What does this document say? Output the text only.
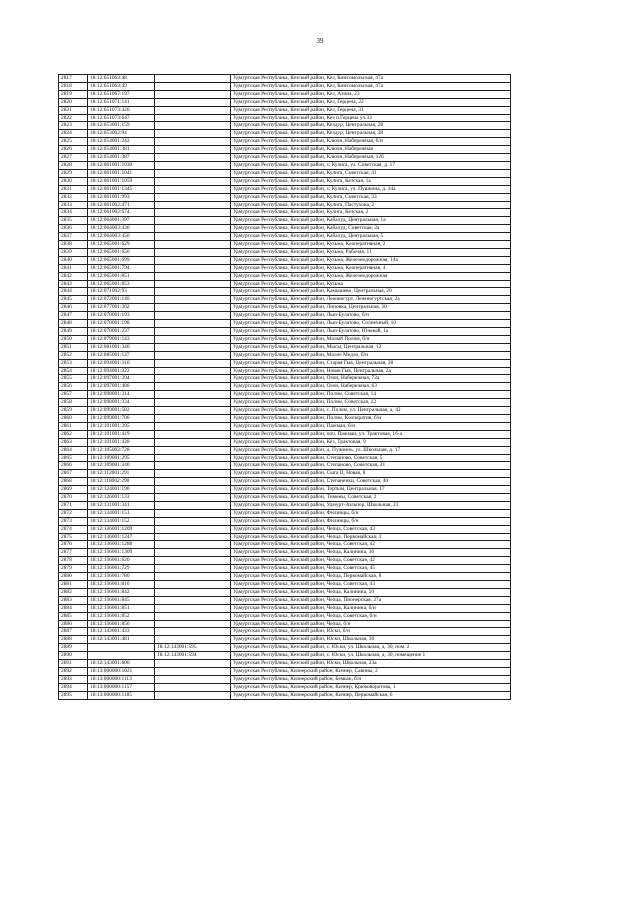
39
2817	18:12:051063:48		Удмуртская Республика, Кезский район, Кез, Комсомольская, 47а
2818	18:12:051063:49		Удмуртская Республика, Кезский район, Кез, Комсомольская, 47а
2819	18:12:051067:197		Удмуртская Республика, Кезский район, Кез, Азина, 23
2820	18:12:051071:141		Удмуртская Республика, Кезский район, Кез, Герцена, 22
2821	18:12:051073:426		Удмуртская Республика, Кезский район, Кез, Герцена, 31
2822	18:12:051073:647		Удмуртская Республика, Кезский район, Кез п.Герцена ул.33
2823	18:12:053001:159		Удмуртская Республика, Кезский район, Кездур, Центральная, 28
2824	18:12:053002:94		Удмуртская Республика, Кезский район, Кездур, Центральная, 38
2825	18:12:054001:242		Удмуртская Республика, Кезский район, Ключи, Набережная, б/н
2826	18:12:054001:381		Удмуртская Республика, Кезский район, Ключи, Набережная
2827	18:12:054001:387		Удмуртская Республика, Кезский район, Ключи, Набережная, 12б
2828	18:12:061001:1030		Удмуртская Республика, Кезский район, с. Кулига, ул. Советская, д. 17
2829	18:12:061001:1041		Удмуртская Республика, Кезский район, Кулига, Советская, 41
2830	18:12:061001:1059		Удмуртская Республика, Кезский район, Кулига, Кезская, 1а
2831	18:12:061001:1345		Удмуртская Республика, Кезский район, с. Кулига, ул. Пушкина, д. 34а
2832	18:12:061001:993		Удмуртская Республика, Кезский район, Кулига, Советская, 33
2833	18:12:061002:471		Удмуртская Республика, Кезский район, Кулига, Пастухова, 2
2834	18:12:061002:674		Удмуртская Республика, Кезский район, Кулига, Кезская, 2
2835	18:12:064001:397		Удмуртская Республика, Кезский район, Кабалуд, Центральная, 1а
2836	18:12:064003:436		Удмуртская Республика, Кезский район, Кабалуд, Советская, 2а
2837	18:12:064003:456		Удмуртская Республика, Кезский район, Кабалуд, Центральная, 5
2838	18:12:065001:629		Удмуртская Республика, Кезский район, Кузьма, Кооперативная, 2
2839	18:12:065001:656		Удмуртская Республика, Кезский район, Кузьма, Рабочая, 11
2840	18:12:065001:699		Удмуртская Республика, Кезский район, Кузьма, Железнодорожная, 14а
2841	18:12:065001:794		Удмуртская Республика, Кезский район, Кузьма, Кооперативная, 4
2842	18:12:065001:851		Удмуртская Республика, Кезский район, Кузьма, Железнодорожная
2843	18:12:065001:853		Удмуртская Республика, Кезский район, Кузьма
2844	18:12:071002:93		Удмуртская Республика, Кезский район, Камышево, Центральная, 20
2845	18:12:072001:140		Удмуртская Республика, Кезский район, Лежнюгурт, Лежнюгуртская, 2а
2846	18:12:077001:362		Удмуртская Республика, Кезский район, Липовка, Центральная, 30
2847	18:12:078001:193		Удмуртская Республика, Кезский район, Лып-Булатово, б/н
2848	18:12:078001:198		Удмуртская Республика, Кезский район, Лып-Булатово, Солнечный, 10
2849	18:12:078001:237		Удмуртская Республика, Кезский район, Лып-Булатово, Южный, 1а
2850	18:12:079001:143		Удмуртская Республика, Кезский район, Малый Полом, б/н
2851	18:12:081001:346		Удмуртская Республика, Кезский район, Мысы, Центральная, 12
2852	18:12:085001:127		Удмуртская Республика, Кезский район, Малое Медло, б/н
2853	18:12:094001:316		Удмуртская Республика, Кезский район, Старая Гыя, Центральная, 38
2854	18:12:094001:322		Удмуртская Республика, Кезский район, Новая Гыя, Центральная, 2а
2855	18:12:097001:394		Удмуртская Республика, Кезский район, Озон, Набережная, 72а
2856	18:12:097001:486		Удмуртская Республика, Кезский район, Озон, Набережная, 63
2857	18:12:098001:314		Удмуртская Республика, Кезский район, Полом, Советская, 14
2858	18:12:098001:334		Удмуртская Республика, Кезский район, Полом, Советская, 12
2859	18:12:099001:582		Удмуртская Республика, Кезский район, с. Полом, ул. Центральная, д. 42
2860	18:12:099001:706		Удмуртская Республика, Кезский район, Полом, Кооператив, б/н
2861	18:12:101001:395		Удмуртская Республика, Кезский район, Пажман, б/н
2862	18:12:101001:419		Удмуртская Республика, Кезский район, поч. Пажман, ул. Трактовая, 16-а
2863	18:12:101001:428		Удмуртская Республика, Кезский район, Кез, Трактовая, 9
2864	18:12:105002:728		Удмуртская Республика, Кезский район, д. Пужмезь, ул. Школьная, д. 17
2865	18:12:109001:295		Удмуртская Республика, Кезский район, Степаново, Советская, 5
2866	18:12:109001:340		Удмуртская Республика, Кезский район, Степаново, Советская, 21
2867	18:12:112001:291		Удмуртская Республика, Кезский район, Сыга II, Новая, 8
2868	18:12:118002:290		Удмуртская Республика, Кезский район, Степаненки, Советская, 40
2869	18:12:124001:190		Удмуртская Республика, Кезский район, Тортым, Центральная, 17
2870	18:12:126001:133		Удмуртская Республика, Кезский район, Тимены, Советская, 2
2871	18:12:131001:341		Удмуртская Республика, Кезский район, Удмурт-Зильпор, Школьная, 23
2872	18:12:134001:151		Удмуртская Республика, Кезский район, Филинцы, б/н
2873	18:12:134001:152		Удмуртская Республика, Кезский район, Филинцы, б/н
2874	18:12:136001:1209		Удмуртская Республика, Кезский район, Чепца, Советская, 43
2875	18:12:136001:1247		Удмуртская Республика, Кезский район, Чепца, Первомайская, 3
2876	18:12:136001:1288		Удмуртская Республика, Кезский район, Чепца, Советская, 42
2877	18:12:136001:1309		Удмуртская Республика, Кезский район, Чепца, Калинина, 36
2878	18:12:136001:620		Удмуртская Республика, Кезский район, Чепца, Советская, 42
2879	18:12:136001:729		Удмуртская Республика, Кезский район, Чепца, Советская, 45
2880	18:12:136001:780		Удмуртская Республика, Кезский район, Чепца, Первомайская, 8
2881	18:12:136001:816		Удмуртская Республика, Кезский район, Чепца, Советская, 43
2882	18:12:136001:842		Удмуртская Республика, Кезский район, Чепца, Калинина, 56
2883	18:12:136001:845		Удмуртская Республика, Кезский район, Чепца, Пионерская, 27а
2884	18:12:136001:851		Удмуртская Республика, Кезский район, Чепца, Калинина, б/н
2885	18:12:136001:852		Удмуртская Республика, Кезский район, Чепца, Советская, б/н
2886	18:12:136001:856		Удмуртская Республика, Кезский район, Чепца, б/н
2887	18:12:143001:433		Удмуртская Республика, Кезский район, Юски, б/н
2888	18:12:143001:481		Удмуртская Республика, Кезский район, Юски, Школьная, 30
2889		18:12:143001:595	Удмуртская Республика, Кезский район, с. Юски, ул. Школьная, д. 30, пом. 2
2890		18:12:143001:594	Удмуртская Республика, Кезский район, с. Юски, ул. Школьная, д. 30, помещение 1
2891	18:12:143001:606		Удмуртская Республика, Кезский район, Юски, Школьная, 23а
2892	18:13:000000:1021		Удмуртская Республика, Кизнерский район, Кизнер, Савины, 2
2893	18:13:000000:1113		Удмуртская Республика, Кизнерский район, Бемыж, б/н
2894	18:13:000000:1157		Удмуртская Республика, Кизнерский район, Кизнер, Крюковоротова, 1
2895	18:13:000000:1185		Удмуртская Республика, Кизнерский район, Кизнер, Первомайская, 6
